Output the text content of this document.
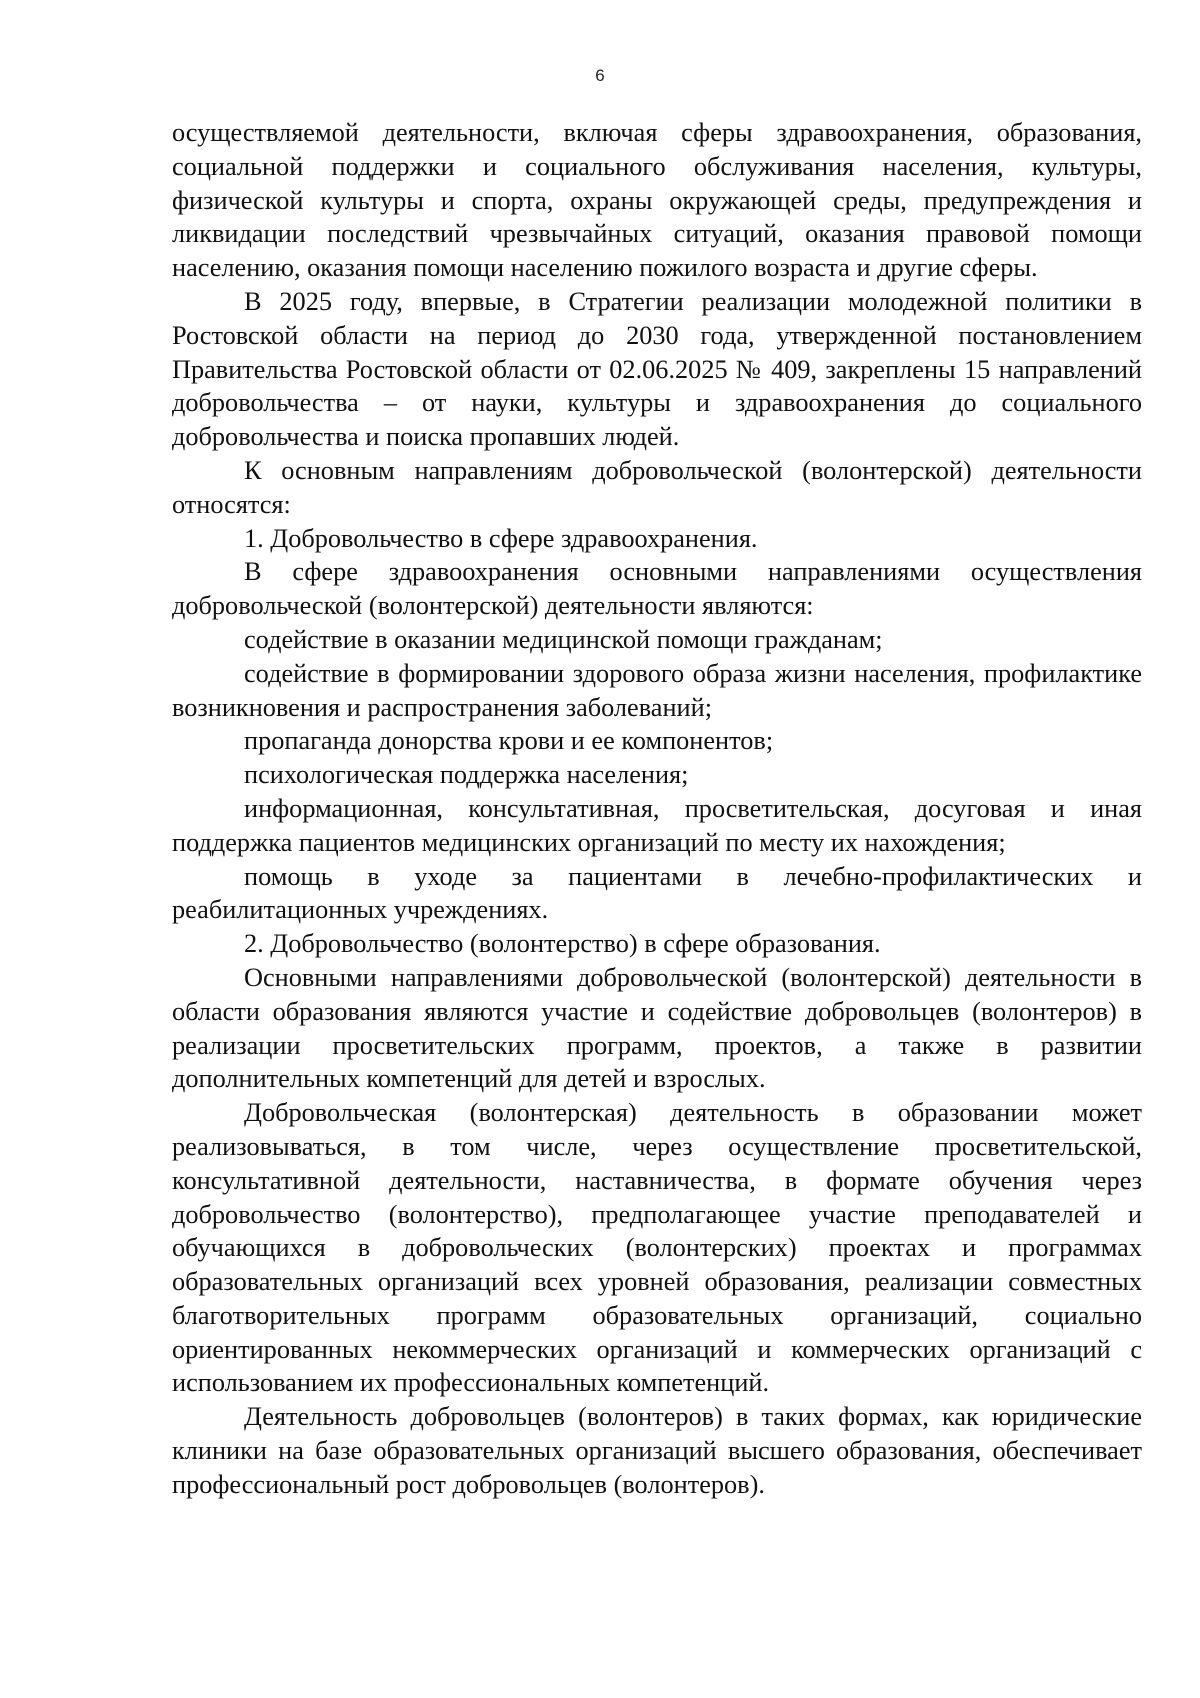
6

осуществляемой деятельности, включая сферы здравоохранения, образования, социальной поддержки и социального обслуживания населения, культуры, физической культуры и спорта, охраны окружающей среды, предупреждения и ликвидации последствий чрезвычайных ситуаций, оказания правовой помощи населению, оказания помощи населению пожилого возраста и другие сферы.

В 2025 году, впервые, в Стратегии реализации молодежной политики в Ростовской области на период до 2030 года, утвержденной постановлением Правительства Ростовской области от 02.06.2025 № 409, закреплены 15 направлений добровольчества – от науки, культуры и здравоохранения до социального добровольчества и поиска пропавших людей.

К основным направлениям добровольческой (волонтерской) деятельности относятся:

1. Добровольчество в сфере здравоохранения.

В сфере здравоохранения основными направлениями осуществления добровольческой (волонтерской) деятельности являются:

содействие в оказании медицинской помощи гражданам;

содействие в формировании здорового образа жизни населения, профилактике возникновения и распространения заболеваний;

пропаганда донорства крови и ее компонентов;

психологическая поддержка населения;

информационная, консультативная, просветительская, досуговая и иная поддержка пациентов медицинских организаций по месту их нахождения;

помощь в уходе за пациентами в лечебно-профилактических и реабилитационных учреждениях.

2. Добровольчество (волонтерство) в сфере образования.

Основными направлениями добровольческой (волонтерской) деятельности в области образования являются участие и содействие добровольцев (волонтеров) в реализации просветительских программ, проектов, а также в развитии дополнительных компетенций для детей и взрослых.

Добровольческая (волонтерская) деятельность в образовании может реализовываться, в том числе, через осуществление просветительской, консультативной деятельности, наставничества, в формате обучения через добровольчество (волонтерство), предполагающее участие преподавателей и обучающихся в добровольческих (волонтерских) проектах и программах образовательных организаций всех уровней образования, реализации совместных благотворительных программ образовательных организаций, социально ориентированных некоммерческих организаций и коммерческих организаций с использованием их профессиональных компетенций.

Деятельность добровольцев (волонтеров) в таких формах, как юридические клиники на базе образовательных организаций высшего образования, обеспечивает профессиональный рост добровольцев (волонтеров).
